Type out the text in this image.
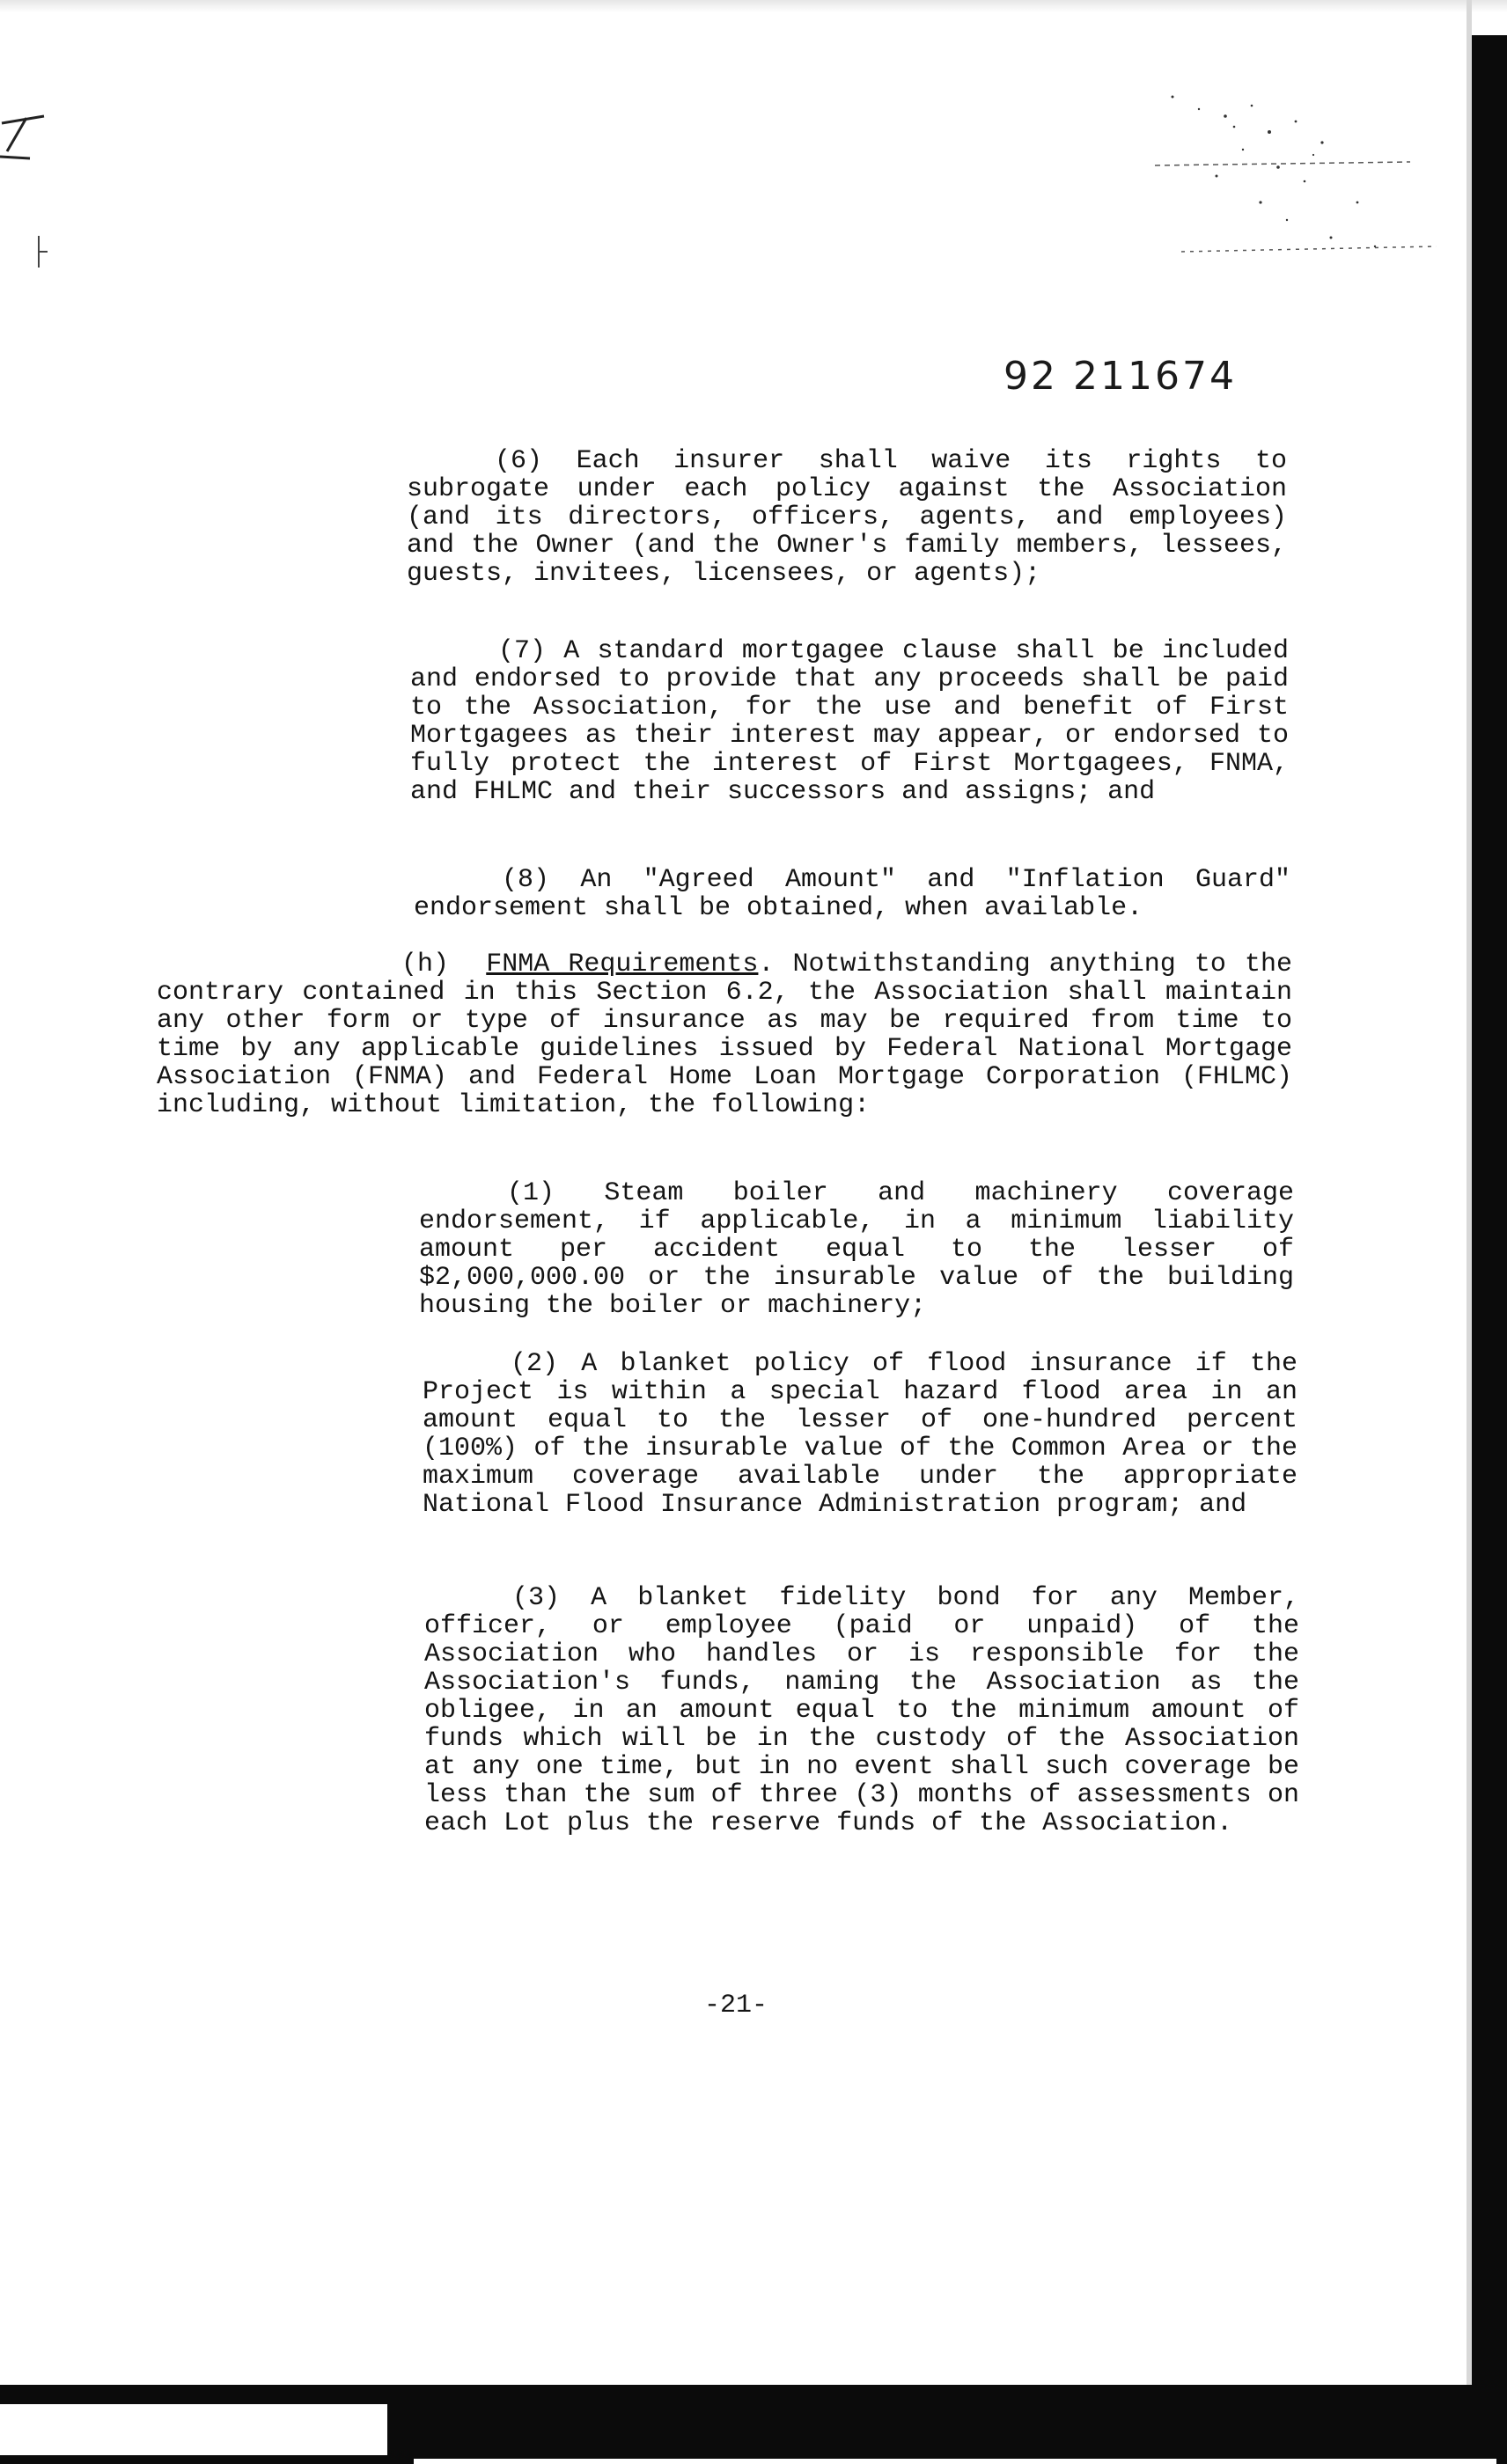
92 211674

(6) Each insurer shall waive its rights to subrogate under each policy against the Association (and its directors, officers, agents, and employees) and the Owner (and the Owner's family members, lessees, guests, invitees, licensees, or agents);

(7) A standard mortgagee clause shall be included and endorsed to provide that any proceeds shall be paid to the Association, for the use and benefit of First Mortgagees as their interest may appear, or endorsed to fully protect the interest of First Mortgagees, FNMA, and FHLMC and their successors and assigns; and

(8) An "Agreed Amount" and "Inflation Guard" endorsement shall be obtained, when available.

(h) FNMA Requirements. Notwithstanding anything to the contrary contained in this Section 6.2, the Association shall maintain any other form or type of insurance as may be required from time to time by any applicable guidelines issued by Federal National Mortgage Association (FNMA) and Federal Home Loan Mortgage Corporation (FHLMC) including, without limitation, the following:

(1) Steam boiler and machinery coverage endorsement, if applicable, in a minimum liability amount per accident equal to the lesser of $2,000,000.00 or the insurable value of the building housing the boiler or machinery;

(2) A blanket policy of flood insurance if the Project is within a special hazard flood area in an amount equal to the lesser of one-hundred percent (100%) of the insurable value of the Common Area or the maximum coverage available under the appropriate National Flood Insurance Administration program; and

(3) A blanket fidelity bond for any Member, officer, or employee (paid or unpaid) of the Association who handles or is responsible for the Association's funds, naming the Association as the obligee, in an amount equal to the minimum amount of funds which will be in the custody of the Association at any one time, but in no event shall such coverage be less than the sum of three (3) months of assessments on each Lot plus the reserve funds of the Association.

-21-
